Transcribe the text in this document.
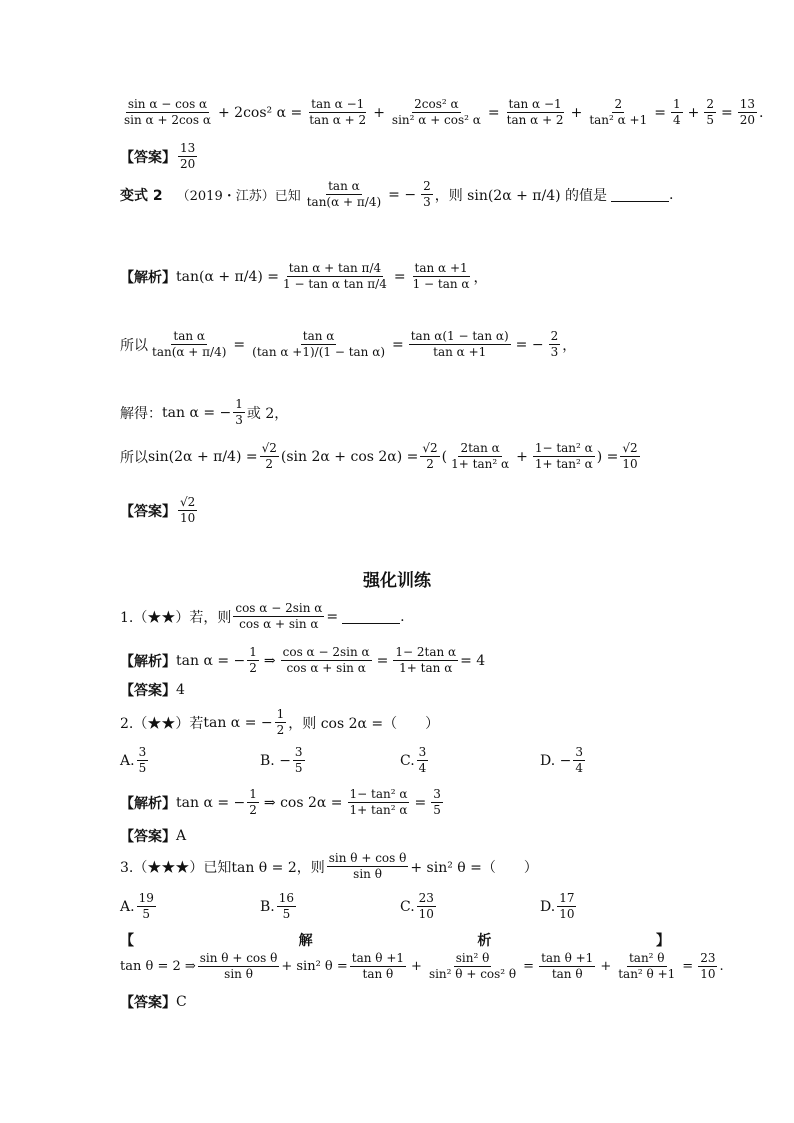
$\frac{\text{sin α − cos α}}{\text{sin α + 2cos α}} + 2\cos^2$ $\alpha = \frac{\text{tan α −1}}{\text{tan α + 2}} + \frac{\text{2cos² α}}{\text{sin² α + cos² α}} = \frac{\text{tan α −1}}{\text{tan α + 2}} + \frac{2}{\text{tan² α +1}} = \frac{1}{4} + \frac{2}{5} = \frac{13}{20}$ .
【答案】 $\frac{13}{20}$
变式 2 （2019・江苏）已知 $\frac{\text{tan α}}{\tan(\alpha + \pi/4)}$ = − $\frac{2}{3}$ ，则 sin(2α + π/4) 的值是	.
【解析】 $\tan(\alpha + \pi/4) = \frac{\text{tan α + tan π/4}}{\text{1 − tan α tan π/4}} = \frac{\text{tan α +1}}{\text{1 − tan α}}$ ，
所以 $\frac{\text{tan α}}{\tan(\alpha + \pi/4)} = \frac{\text{tan α}}{\text{(tan α +1)/(1 − tan α)}} = \frac{\text{tan α(1 − tan α)}}{\text{tan α +1}}$ = − $\frac{2}{3}$ ，
解得： tan α = − $\frac{1}{3}$ 或 2，
所以 $\sin(2\alpha + \pi/4) = \frac{√2}{2} (\sin$ $2\alpha + \cos 2\alpha) = \frac{√2}{2}$ ( $\frac{\text{2tan α}}{\text{1+ tan² α}} + \frac{\text{1− tan² α}}{\text{1+ tan² α}}$ ) = $\frac{√2}{10}$
【答案】 $\frac{√2}{10}$
强化训练
1.（★★）若，则 $\frac{\text{cos α − 2sin α}}{\text{cos α + sin α}}$ =	.
【解析】 tan α = − $\frac{1}{2}$ ⇒ $\frac{\text{cos α − 2sin α}}{\text{cos α + sin α}} = \frac{\text{1− 2tan α}}{\text{1+ tan α}} = 4$
【答案】 4
2.（★★）若 tan α = − $\frac{1}{2}$ ，则 cos 2α =（　　）
A. $\frac{3}{5}$	B. − $\frac{3}{5}$	C. $\frac{3}{4}$	D. − $\frac{3}{4}$
【解析】 tan α = − $\frac{1}{2}$ ⇒ $\cos 2\alpha = \frac{\text{1− tan² α}}{\text{1+ tan² α}} = \frac{3}{5}$
【答案】 A
3.（★★★）已知 tan θ = 2，则 $\frac{\text{sin θ + cos θ}}{\text{sin θ}} + \sin^2$ θ =（　　）
A. $\frac{19}{5}$	B. $\frac{16}{5}$	C. $\frac{23}{10}$	D. $\frac{17}{10}$
【	解	析	】
tan θ = 2 ⇒ $\frac{\text{sin θ + cos θ}}{\text{sin θ}} + \sin^2$ $\theta = \frac{\text{tan θ +1}}{\text{tan θ}} + \frac{\text{sin² θ}}{\text{sin² θ + cos² θ}} = \frac{\text{tan θ +1}}{\text{tan θ}} + \frac{\text{tan² θ}}{\text{tan² θ +1}} = \frac{23}{10}$ .
【答案】 C
